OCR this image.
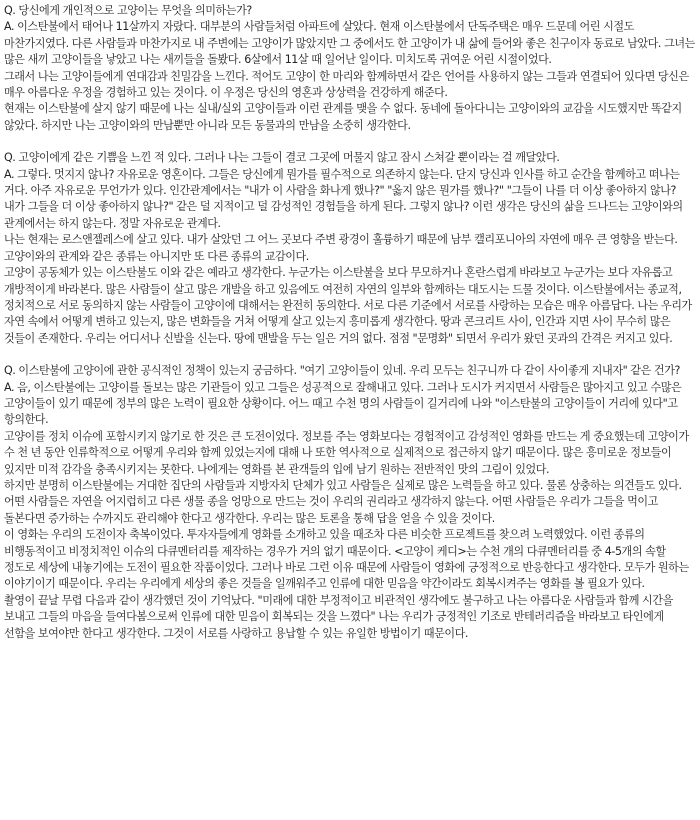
Q. 당신에게 개인적으로 고양이는 무엇을 의미하는가?

A. 이스탄불에서 태어나 11살까지 자랐다. 대부분의 사람들처럼 아파트에 살았다. 현재 이스탄불에서 단독주택은 매우 드문데 어린 시절도 마찬가지였다. 다른 사람들과 마찬가지로 내 주변에는 고양이가 많았지만 그 중에서도 한 고양이가 내 삶에 들어와 좋은 친구이자 동료로 남았다. 그녀는 많은 새끼 고양이들을 낳았고 나는 새끼들을 돌봤다. 6살에서 11살 때 일어난 일이다. 미치도록 귀여운 어린 시절이었다.

그래서 나는 고양이들에게 연대감과 친밀감을 느낀다. 적어도 고양이 한 마리와 함께하면서 같은 언어를 사용하지 않는 그들과 연결되어 있다면 당신은 매우 아름다운 우정을 경험하고 있는 것이다. 이 우정은 당신의 영혼과 상상력을 건강하게 해준다.

현재는 이스탄불에 살지 않기 때문에 나는 실내/실외 고양이들과 이런 관계를 맺을 수 없다. 동네에 돌아다니는 고양이와의 교감을 시도했지만 똑같지 않았다. 하지만 나는 고양이와의 만남뿐만 아니라 모든 동물과의 만남을 소중히 생각한다.

Q. 고양이에게 같은 기쁨을 느낀 적 있다. 그러나 나는 그들이 결코 그곳에 머물지 않고 잠시 스쳐갈 뿐이라는 걸 깨달았다.

A. 그렇다. 멋지지 않나? 자유로운 영혼이다. 그들은 당신에게 뭔가를 필수적으로 의존하지 않는다. 단지 당신과 인사를 하고 순간을 함께하고 떠나는 거다. 아주 자유로운 무언가가 있다. 인간관계에서는 "내가 이 사람을 화나게 했나?" "옳지 않은 뭔가를 했나?" "그들이 나를 더 이상 좋아하지 않나? 내가 그들을 더 이상 좋아하지 않나?" 같은 덜 지적이고 덜 감성적인 경험들을 하게 된다. 그렇지 않나? 이런 생각은 당신의 삶을 드나드는 고양이와의 관계에서는 하지 않는다. 정말 자유로운 관계다.

나는 현재는 로스앤젤레스에 살고 있다. 내가 살았던 그 어느 곳보다 주변 광경이 훌륭하기 때문에 남부 캘리포니아의 자연에 매우 큰 영향을 받는다. 고양이와의 관계와 같은 종류는 아니지만 또 다른 종류의 교감이다.

고양이 공동체가 있는 이스탄불도 이와 같은 예라고 생각한다. 누군가는 이스탄불을 보다 무모하거나 혼란스럽게 바라보고 누군가는 보다 자유롭고 개방적이게 바라본다. 많은 사람들이 살고 많은 개발을 하고 있음에도 여전히 자연의 일부와 함께하는 대도시는 드물 것이다. 이스탄불에서는 종교적, 정치적으로 서로 동의하지 않는 사람들이 고양이에 대해서는 완전히 동의한다. 서로 다른 기준에서 서로를 사랑하는 모습은 매우 아름답다. 나는 우리가 자연 속에서 어떻게 변하고 있는지, 많은 변화들을 거쳐 어떻게 살고 있는지 흥미롭게 생각한다. 땅과 콘크리트 사이, 인간과 지면 사이 무수히 많은 것들이 존재한다. 우리는 어디서나 신발을 신는다. 땅에 맨발을 두는 일은 거의 없다. 점점 "문명화" 되면서 우리가 왔던 곳과의 간격은 커지고 있다.

Q. 이스탄불에 고양이에 관한 공식적인 정책이 있는지 궁금하다. "여기 고양이들이 있네. 우리 모두는 친구니까 다 같이 사이좋게 지내자" 같은 건가?

A. 음, 이스탄불에는 고양이를 돌보는 많은 기관들이 있고 그들은 성공적으로 잘해내고 있다. 그러나 도시가 커지면서 사람들은 많아지고 있고 수많은 고양이들이 있기 때문에 정부의 많은 노력이 필요한 상황이다. 어느 때고 수천 명의 사람들이 길거리에 나와 "이스탄불의 고양이들이 거리에 있다"고 항의한다.

고양이를 정치 이슈에 포함시키지 않기로 한 것은 큰 도전이었다. 정보를 주는 영화보다는 경험적이고 감성적인 영화를 만드는 게 중요했는데 고양이가 수 천 년 동안 인류학적으로 어떻게 우리와 함께 있었는지에 대해 나 또한 역사적으로 실제적으로 접근하지 않기 때문이다. 많은 흥미로운 정보들이 있지만 미적 감각을 충족시키지는 못한다. 나에게는 영화를 본 관객들의 입에 남기 원하는 전반적인 맛의 그림이 있었다.

하지만 분명히 이스탄불에는 거대한 집단의 사람들과 지방자치 단체가 있고 사람들은 실제로 많은 노력들을 하고 있다. 물론 상충하는 의견들도 있다. 어떤 사람들은 자연을 어지럽히고 다른 생물 종을 엉망으로 만드는 것이 우리의 권리라고 생각하지 않는다. 어떤 사람들은 우리가 그들을 먹이고 돌본다면 증가하는 수까지도 관리해야 한다고 생각한다. 우리는 많은 토론을 통해 답을 얻을 수 있을 것이다.

이 영화는 우리의 도전이자 축복이었다. 투자자들에게 영화를 소개하고 있을 때조차 다른 비슷한 프로젝트를 찾으려 노력했었다. 이런 종류의 비행동적이고 비정치적인 이슈의 다큐멘터리를 제작하는 경우가 거의 없기 때문이다. <고양이 케디>는 수천 개의 다큐멘터리를 중 4-5개의 속할 정도로 세상에 내놓기에는 도전이 필요한 작품이었다. 그러나 바로 그런 이유 때문에 사람들이 영화에 긍정적으로 반응한다고 생각한다. 모두가 원하는 이야기이기 때문이다. 우리는 우리에게 세상의 좋은 것들을 일깨워주고 인류에 대한 믿음을 약간이라도 회복시켜주는 영화를 볼 필요가 있다.

촬영이 끝날 무렵 다음과 같이 생각했던 것이 기억났다. "미래에 대한 부정적이고 비관적인 생각에도 불구하고 나는 아름다운 사람들과 함께 시간을 보내고 그들의 마음을 들여다봄으로써 인류에 대한 믿음이 회복되는 것을 느꼈다" 나는 우리가 긍정적인 기조로 반테러리즘을 바라보고 타인에게 선함을 보여야만 한다고 생각한다. 그것이 서로를 사랑하고 용납할 수 있는 유일한 방법이기 때문이다.
